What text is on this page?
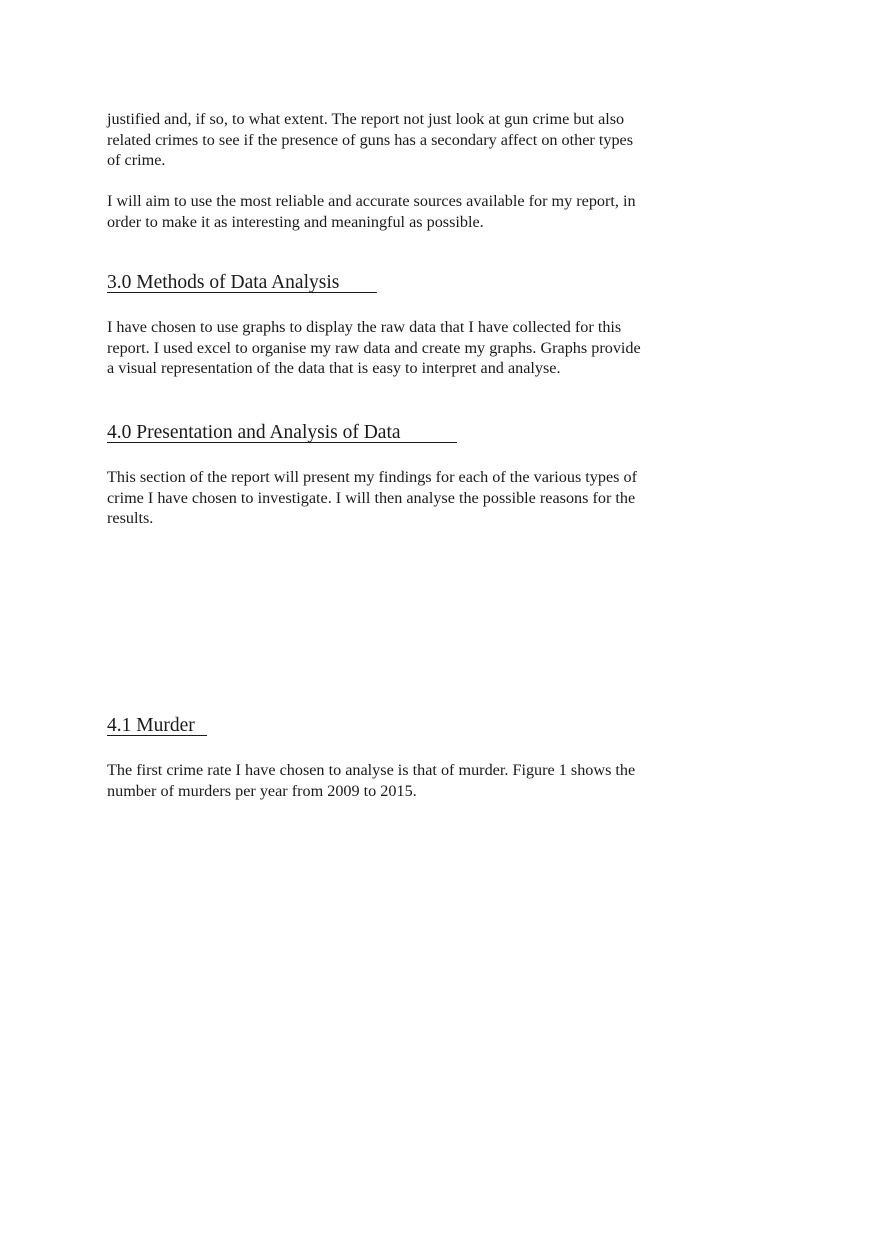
justified and, if so, to what extent. The report not just look at gun crime but also
related crimes to see if the presence of guns has a secondary affect on other types
of crime.

I will aim to use the most reliable and accurate sources available for my report, in
order to make it as interesting and meaningful as possible.

3.0 Methods of Data Analysis

I have chosen to use graphs to display the raw data that I have collected for this
report. I used excel to organise my raw data and create my graphs. Graphs provide
a visual representation of the data that is easy to interpret and analyse.

4.0 Presentation and Analysis of Data

This section of the report will present my findings for each of the various types of
crime I have chosen to investigate. I will then analyse the possible reasons for the
results.

4.1 Murder

The first crime rate I have chosen to analyse is that of murder. Figure 1 shows the
number of murders per year from 2009 to 2015.
